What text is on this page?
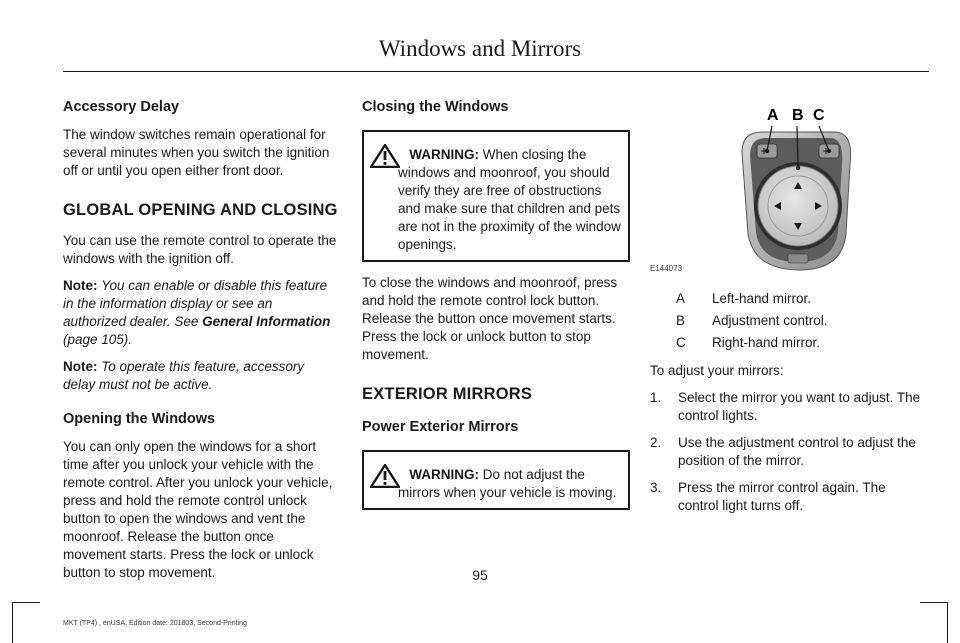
Windows and Mirrors
Accessory Delay

The window switches remain operational for several minutes when you switch the ignition off or until you open either front door.

GLOBAL OPENING AND CLOSING

You can use the remote control to operate the windows with the ignition off.

Note: You can enable or disable this feature in the information display or see an authorized dealer. See General Information (page 105).

Note: To operate this feature, accessory delay must not be active.

Opening the Windows

You can only open the windows for a short time after you unlock your vehicle with the remote control. After you unlock your vehicle, press and hold the remote control unlock button to open the windows and vent the moonroof. Release the button once movement starts. Press the lock or unlock button to stop movement.

Closing the Windows
WARNING: When closing the windows and moonroof, you should verify they are free of obstructions and make sure that children and pets are not in the proximity of the window openings.

To close the windows and moonroof, press and hold the remote control lock button. Release the button once movement starts. Press the lock or unlock button to stop movement.

EXTERIOR MIRRORS
Power Exterior Mirrors
WARNING: Do not adjust the mirrors when your vehicle is moving.
A B C
E144073
A	Left-hand mirror.
B	Adjustment control.
C	Right-hand mirror.

To adjust your mirrors:

1.	Select the mirror you want to adjust. The control lights.
2.	Use the adjustment control to adjust the position of the mirror.
3.	Press the mirror control again. The control light turns off.
95
MKT (TP4) , enUSA, Edition date: 201803, Second-Printing
